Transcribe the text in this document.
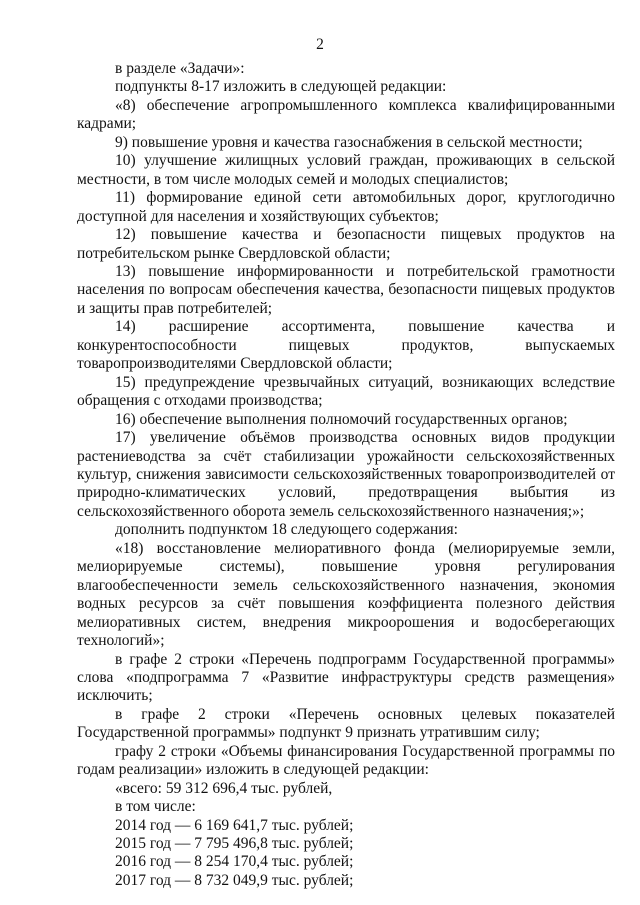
2

в разделе «Задачи»:

подпункты 8-17 изложить в следующей редакции:

«8) обеспечение агропромышленного комплекса квалифицированными кадрами;

9) повышение уровня и качества газоснабжения в сельской местности;

10) улучшение жилищных условий граждан, проживающих в сельской местности, в том числе молодых семей и молодых специалистов;

11) формирование единой сети автомобильных дорог, круглогодично доступной для населения и хозяйствующих субъектов;

12) повышение качества и безопасности пищевых продуктов на потребительском рынке Свердловской области;

13) повышение информированности и потребительской грамотности населения по вопросам обеспечения качества, безопасности пищевых продуктов и защиты прав потребителей;

14) расширение ассортимента, повышение качества и конкурентоспособности пищевых продуктов, выпускаемых товаропроизводителями Свердловской области;

15) предупреждение чрезвычайных ситуаций, возникающих вследствие обращения с отходами производства;

16) обеспечение выполнения полномочий государственных органов;

17) увеличение объёмов производства основных видов продукции растениеводства за счёт стабилизации урожайности сельскохозяйственных культур, снижения зависимости сельскохозяйственных товаропроизводителей от природно-климатических условий, предотвращения выбытия из сельскохозяйственного оборота земель сельскохозяйственного назначения;»;

дополнить подпунктом 18 следующего содержания:

«18) восстановление мелиоративного фонда (мелиорируемые земли, мелиорируемые системы), повышение уровня регулирования влагообеспеченности земель сельскохозяйственного назначения, экономия водных ресурсов за счёт повышения коэффициента полезного действия мелиоративных систем, внедрения микроорошения и водосберегающих технологий»;

в графе 2 строки «Перечень подпрограмм Государственной программы» слова «подпрограмма 7 «Развитие инфраструктуры средств размещения» исключить;

в графе 2 строки «Перечень основных целевых показателей Государственной программы» подпункт 9 признать утратившим силу;

графу 2 строки «Объемы финансирования Государственной программы по годам реализации» изложить в следующей редакции:

«всего: 59 312 696,4 тыс. рублей,

в том числе:

2014 год — 6 169 641,7 тыс. рублей;

2015 год — 7 795 496,8 тыс. рублей;

2016 год — 8 254 170,4 тыс. рублей;

2017 год — 8 732 049,9 тыс. рублей;
